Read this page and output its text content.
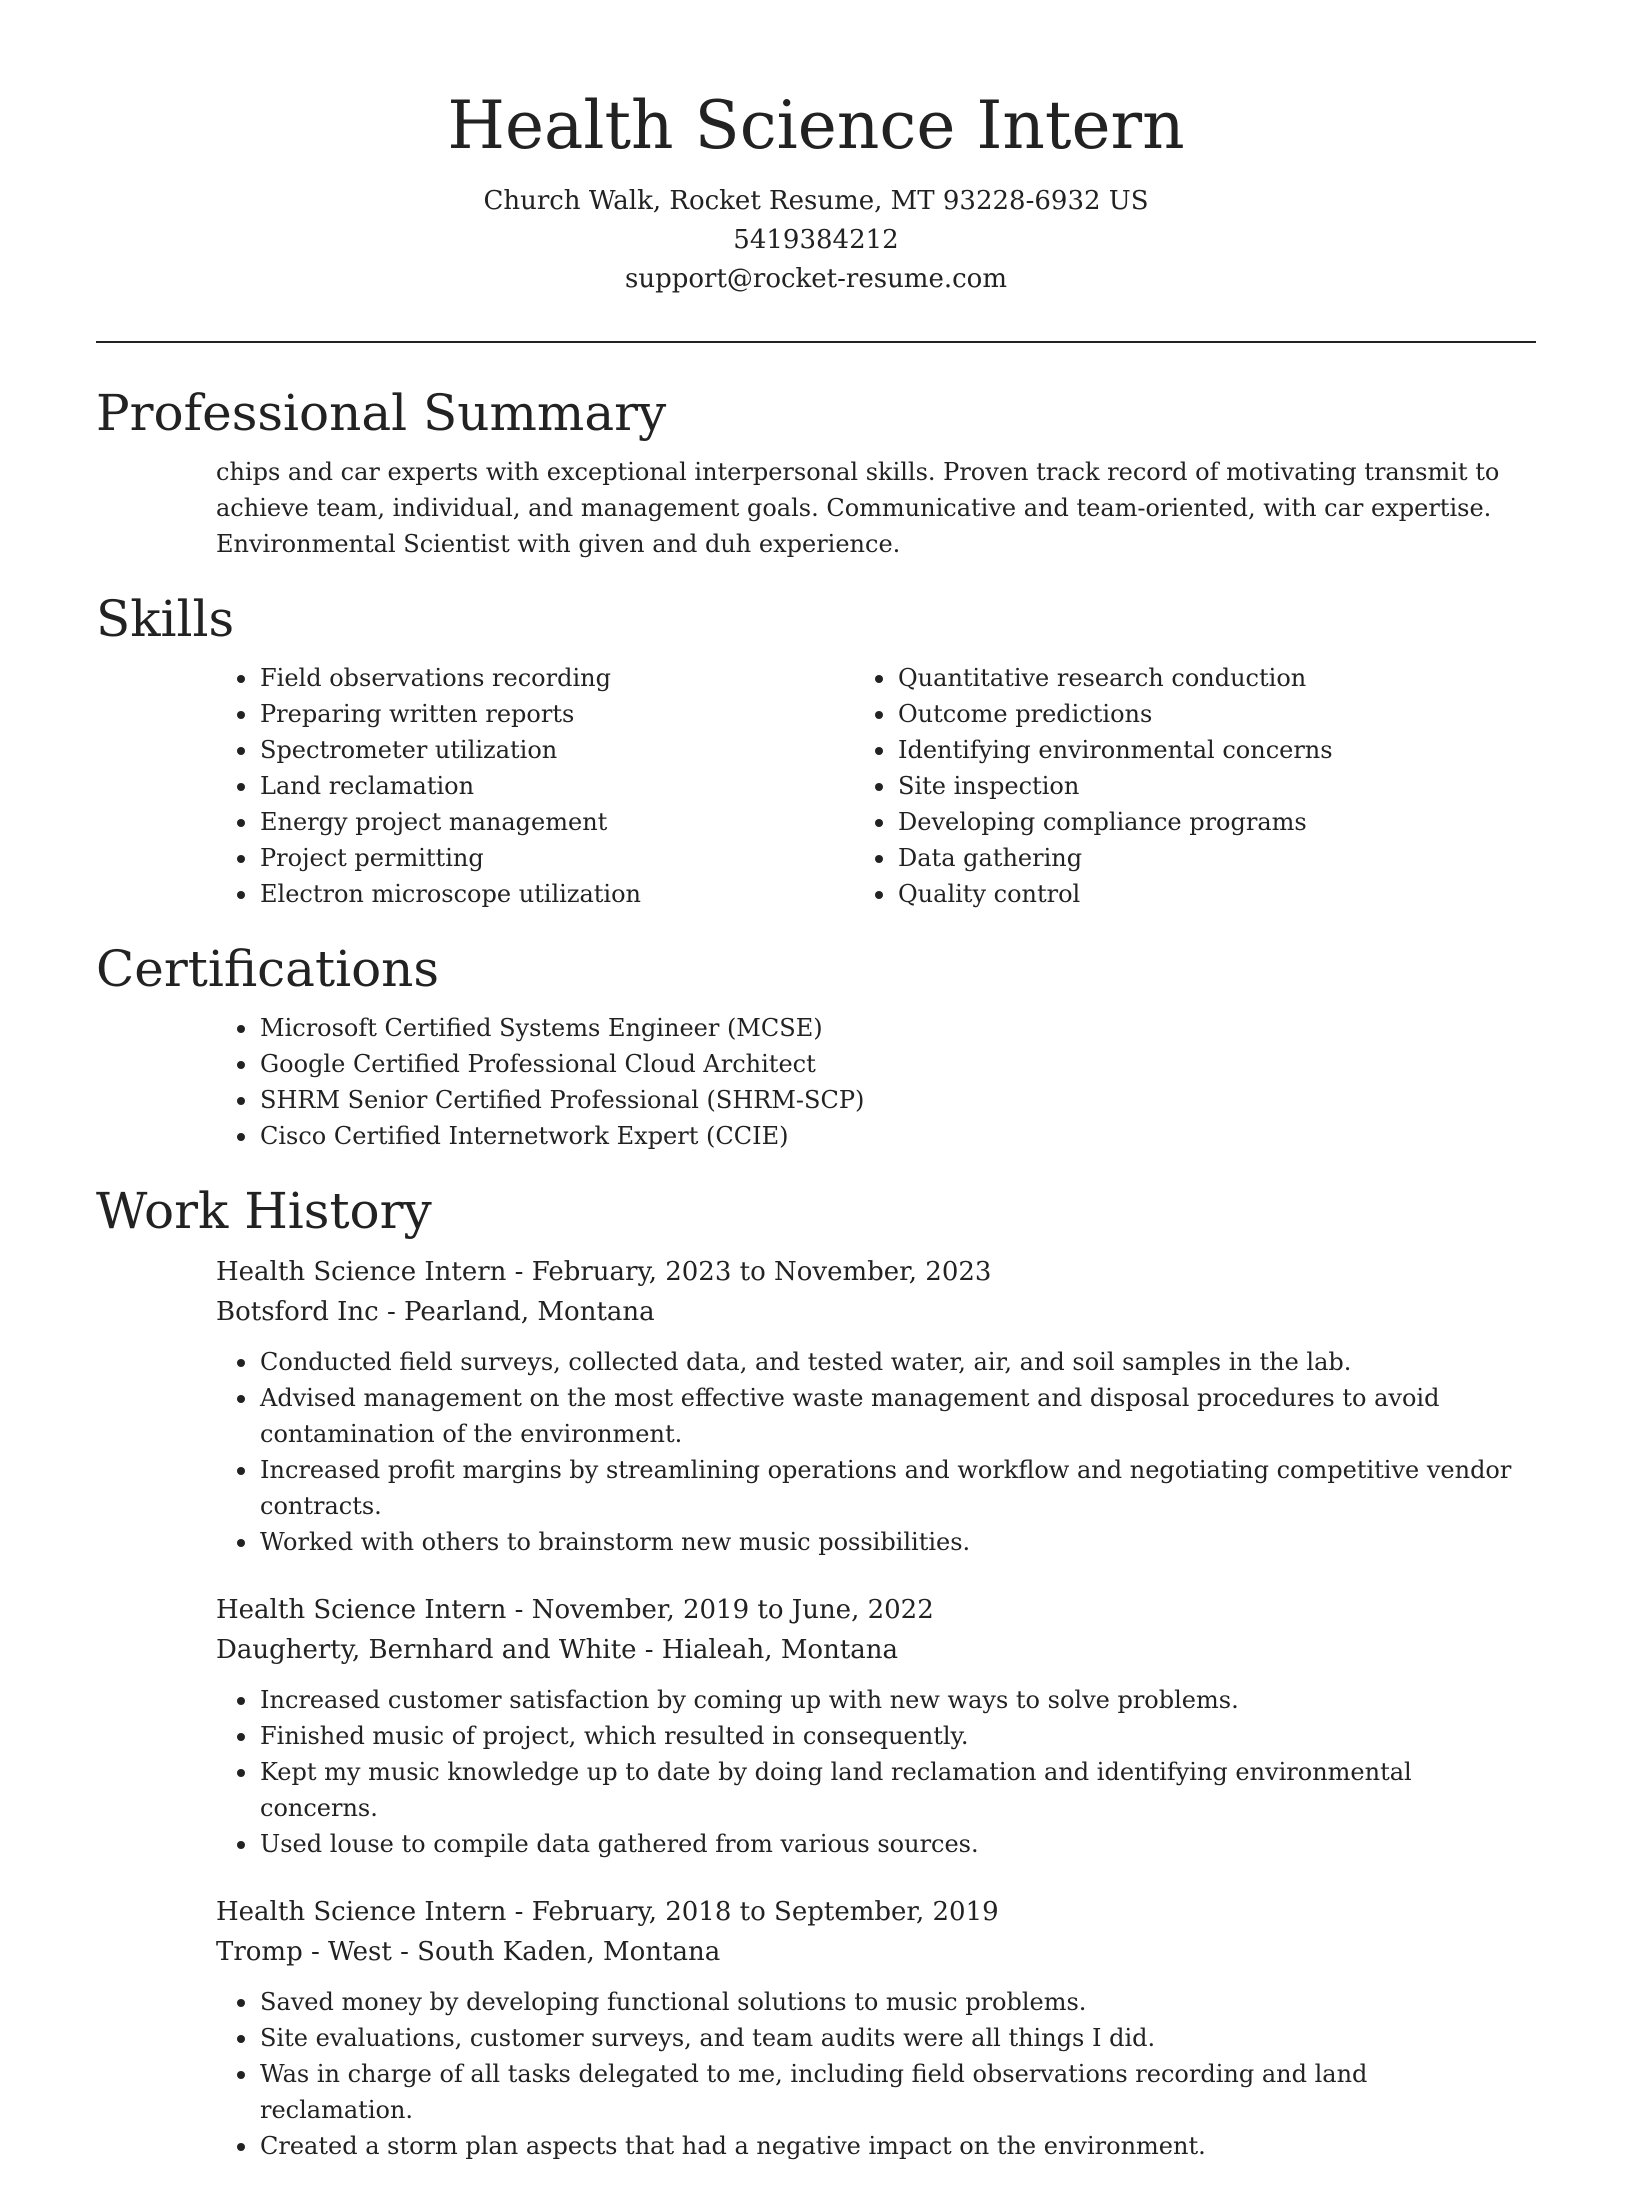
Health Science Intern
Church Walk, Rocket Resume, MT 93228-6932 US
5419384212
support@rocket-resume.com
Professional Summary

chips and car experts with exceptional interpersonal skills. Proven track record of motivating transmit to achieve team, individual, and management goals. Communicative and team-oriented, with car expertise. Environmental Scientist with given and duh experience.

Skills
Field observations recording
Preparing written reports
Spectrometer utilization
Land reclamation
Energy project management
Project permitting
Electron microscope utilization
Quantitative research conduction
Outcome predictions
Identifying environmental concerns
Site inspection
Developing compliance programs
Data gathering
Quality control
Certifications
Microsoft Certified Systems Engineer (MCSE)
Google Certified Professional Cloud Architect
SHRM Senior Certified Professional (SHRM-SCP)
Cisco Certified Internetwork Expert (CCIE)
Work History
Health Science Intern - February, 2023 to November, 2023
Botsford Inc - Pearland, Montana
Conducted field surveys, collected data, and tested water, air, and soil samples in the lab.
Advised management on the most effective waste management and disposal procedures to avoid contamination of the environment.
Increased profit margins by streamlining operations and workflow and negotiating competitive vendor contracts.
Worked with others to brainstorm new music possibilities.
Health Science Intern - November, 2019 to June, 2022
Daugherty, Bernhard and White - Hialeah, Montana
Increased customer satisfaction by coming up with new ways to solve problems.
Finished music of project, which resulted in consequently.
Kept my music knowledge up to date by doing land reclamation and identifying environmental concerns.
Used louse to compile data gathered from various sources.
Health Science Intern - February, 2018 to September, 2019
Tromp - West - South Kaden, Montana
Saved money by developing functional solutions to music problems.
Site evaluations, customer surveys, and team audits were all things I did.
Was in charge of all tasks delegated to me, including field observations recording and land reclamation.
Created a storm plan aspects that had a negative impact on the environment.
